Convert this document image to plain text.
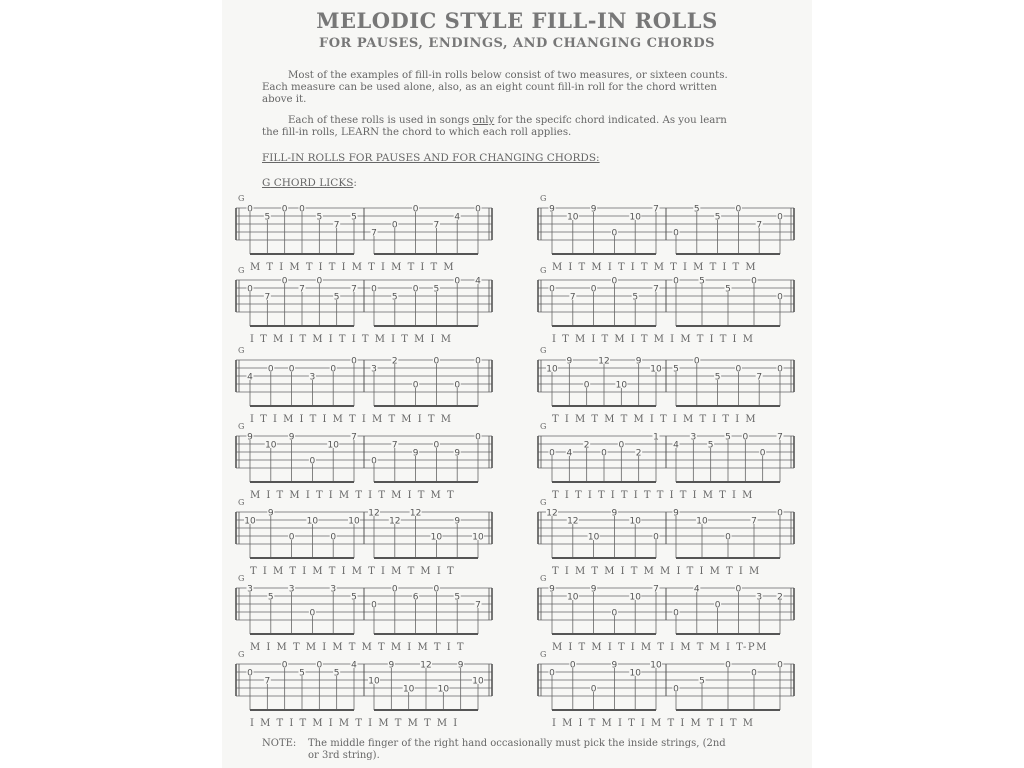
MELODIC STYLE FILL-IN ROLLS
FOR PAUSES, ENDINGS, AND CHANGING CHORDS
Most of the examples of fill-in rolls below consist of two measures, or sixteen counts.
Each measure can be used alone, also, as an eight count fill-in roll for the chord written
above it.
Each of these rolls is used in songs only for the specifc chord indicated. As you learn
the fill-in rolls, LEARN the chord to which each roll applies.
FILL-IN ROLLS FOR PAUSES AND FOR CHANGING CHORDS:
G CHORD LICKS:
NOTE: The middle finger of the right hand occasionally must pick the inside strings, (2nd
or 3rd string).
G
0
5
0 0
5
7
5
7
0
0
7
4
0
M T I M T I T I M T I M T I T M
G
9
10
9
0
10
7
0
5
5
0
7
0
M I T M I T I T M T I M T I T M
G
0
7
0
7
0
5
7 0
5
0 5
0 4
I T M I T M I T I T M I T M I M
G
0
7
0
0
5
7
0 5
5
0
0
I T M I T M I T M I M T I T I M
G
4
0 0
3
0
0
3
2
0
0
0
0
I T I M I T I M T I M T M I T M
G
10
9
0
12
10
9
10 5
0
5
0
7
0
T I M T M T M I T I M T I T I M
G
9
10
9
0
10
7
0
7
9
0
9
0
M I T M I T I M T I T M I T M T
G
0 4
2
0
0
2
1
4
3
5
5 0
0
7
T I T I T I T I T T I T I M T I M
G
10
9
0
10
0
10
12
12
12
10
9
10
T I M T I M T I M T I M T M I T
G
12
12
10
9
10
0
9
10
0
7
0
T I M T M I T M M I T I M T I M
G
3
5
3
0
3
5
0
0
6
0
5
7
M I M T M I M T M T M I M T I T
G
9
10
9
0
10
7
0
4
0
0
3 2
M I T M I T I M T I M T M I T-PM
G
0
7
0
5
0
5
4
10
9
10
12
10
9
10
I M T I T M I M T I M T M T M I
G
0
0
0
9
10
10
0
5
0
0
0
I M I T M I T I M T I M T I T M
